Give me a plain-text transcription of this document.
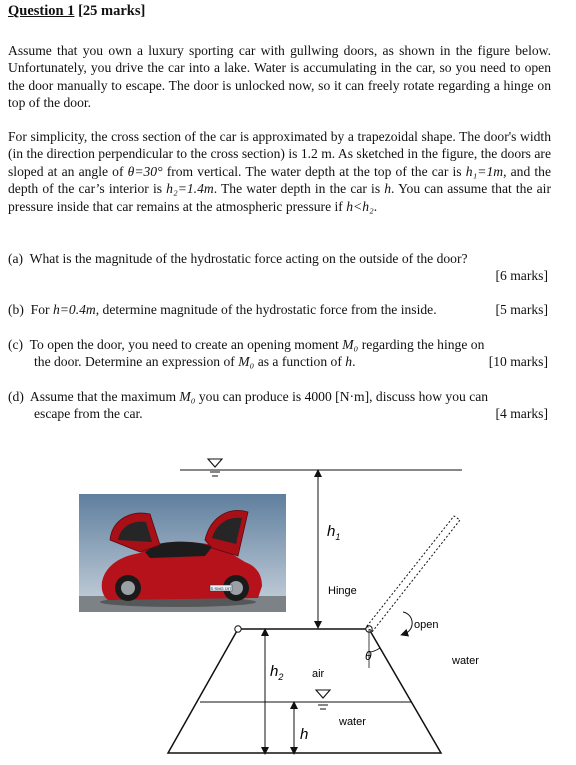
Question 1 [25 marks]

Assume that you own a luxury sporting car with gullwing doors, as shown in the figure below. Unfortunately, you drive the car into a lake. Water is accumulating in the car, so you need to open the door manually to escape. The door is unlocked now, so it can freely rotate regarding a hinge on top of the door.

For simplicity, the cross section of the car is approximated by a trapezoidal shape. The door's width (in the direction perpendicular to the cross section) is 1.2 m. As sketched in the figure, the doors are sloped at an angle of θ=30° from vertical. The water depth at the top of the car is h₁=1m, and the depth of the car’s interior is h₂=1.4m. The water depth in the car is h. You can assume that the air pressure inside that car remains at the atmospheric pressure if h<h₂.

(a) What is the magnitude of the hydrostatic force acting on the outside of the door?
[6 marks]
(b) For h=0.4m, determine magnitude of the hydrostatic force from the inside.	[5 marks]
(c) To open the door, you need to create an opening moment M₀ regarding the hinge on
the door. Determine an expression of M₀ as a function of h.	[10 marks]
(d) Assume that the maximum M₀ you can produce is 4000 [N·m], discuss how you can
escape from the car.	[4 marks]
S·SMG 197
$h_1$
Hinge
open
θ	water
$h_2$	air
water
h
